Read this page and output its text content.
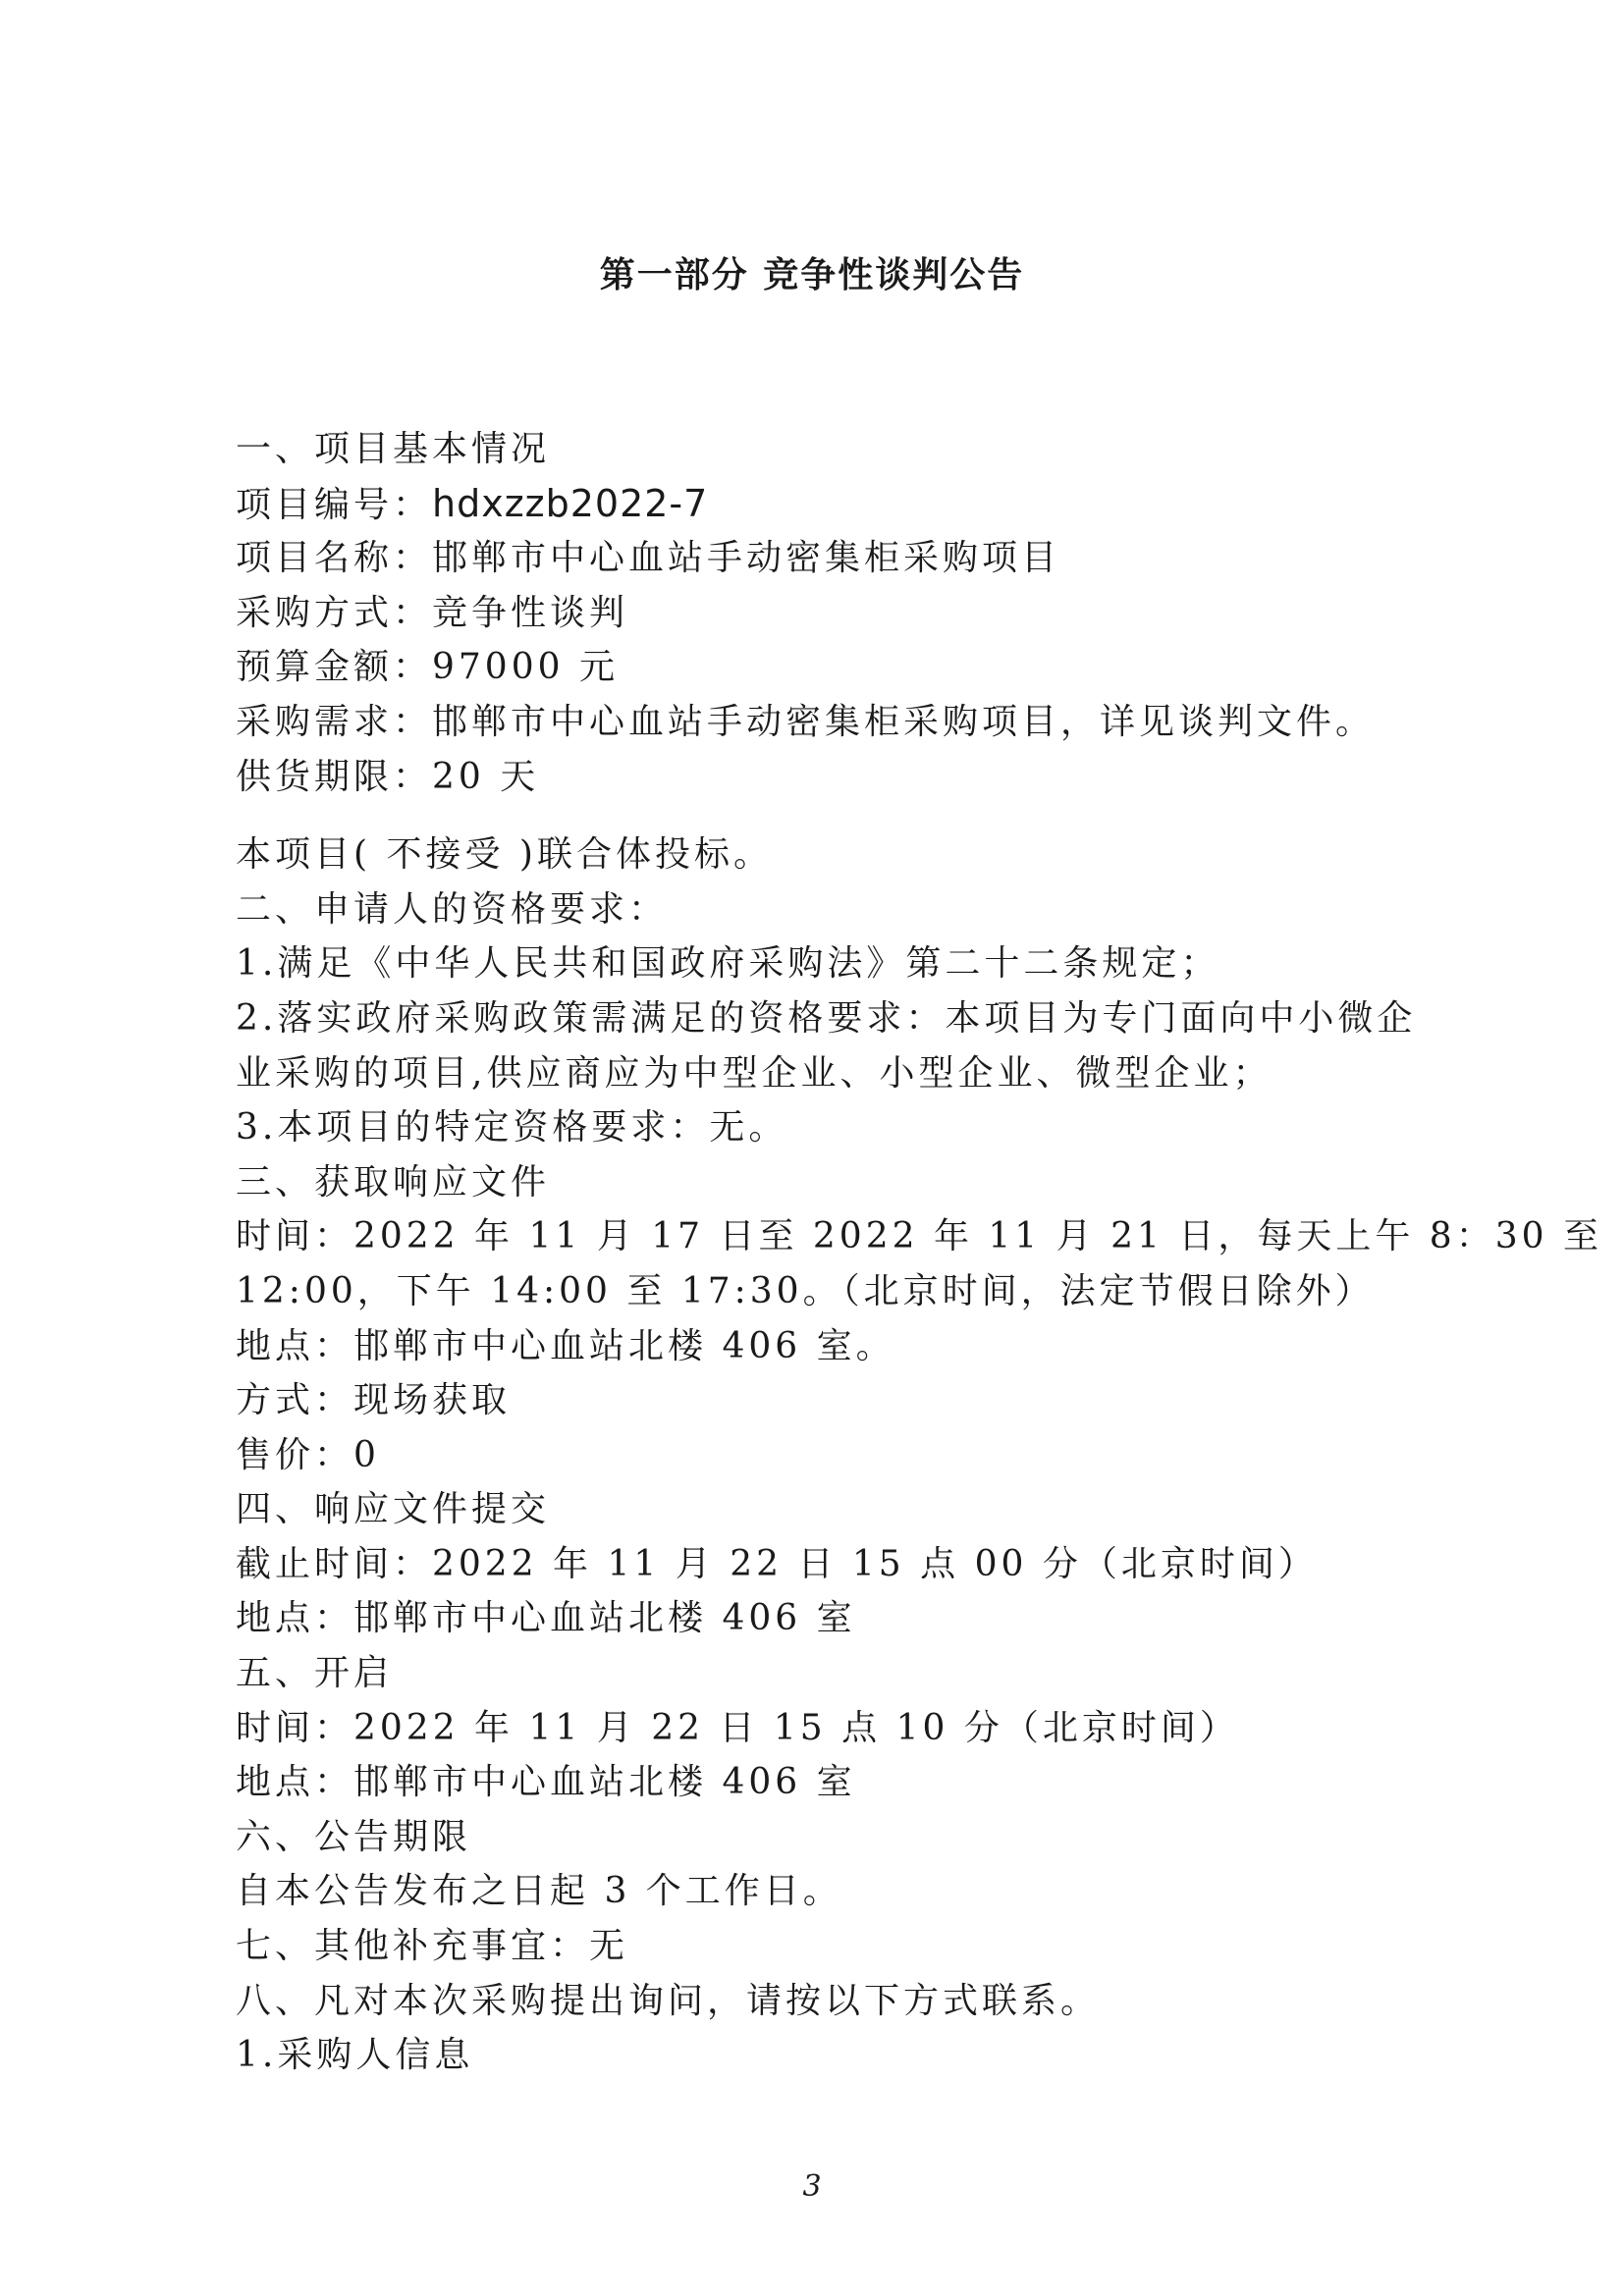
第一部分 竞争性谈判公告
一、项目基本情况
项目编号：hdxzzb2022-7
项目名称：邯郸市中心血站手动密集柜采购项目
采购方式：竞争性谈判
预算金额：97000 元
采购需求：邯郸市中心血站手动密集柜采购项目，详见谈判文件。
供货期限：20 天
本项目( 不接受 )联合体投标。
二、申请人的资格要求：
1.满足《中华人民共和国政府采购法》第二十二条规定；
2.落实政府采购政策需满足的资格要求：本项目为专门面向中小微企
业采购的项目,供应商应为中型企业、小型企业、微型企业；
3.本项目的特定资格要求：无。
三、获取响应文件
时间：2022 年 11 月 17 日至 2022 年 11 月 21 日，每天上午 8：30 至
12:00，下午 14:00 至 17:30。（北京时间，法定节假日除外）
地点：邯郸市中心血站北楼 406 室。
方式：现场获取
售价：0
四、响应文件提交
截止时间：2022 年 11 月 22 日 15 点 00 分（北京时间）
地点：邯郸市中心血站北楼 406 室
五、开启
时间：2022 年 11 月 22 日 15 点 10 分（北京时间）
地点：邯郸市中心血站北楼 406 室
六、公告期限
自本公告发布之日起 3 个工作日。
七、其他补充事宜：无
八、凡对本次采购提出询问，请按以下方式联系。
1.采购人信息
3
